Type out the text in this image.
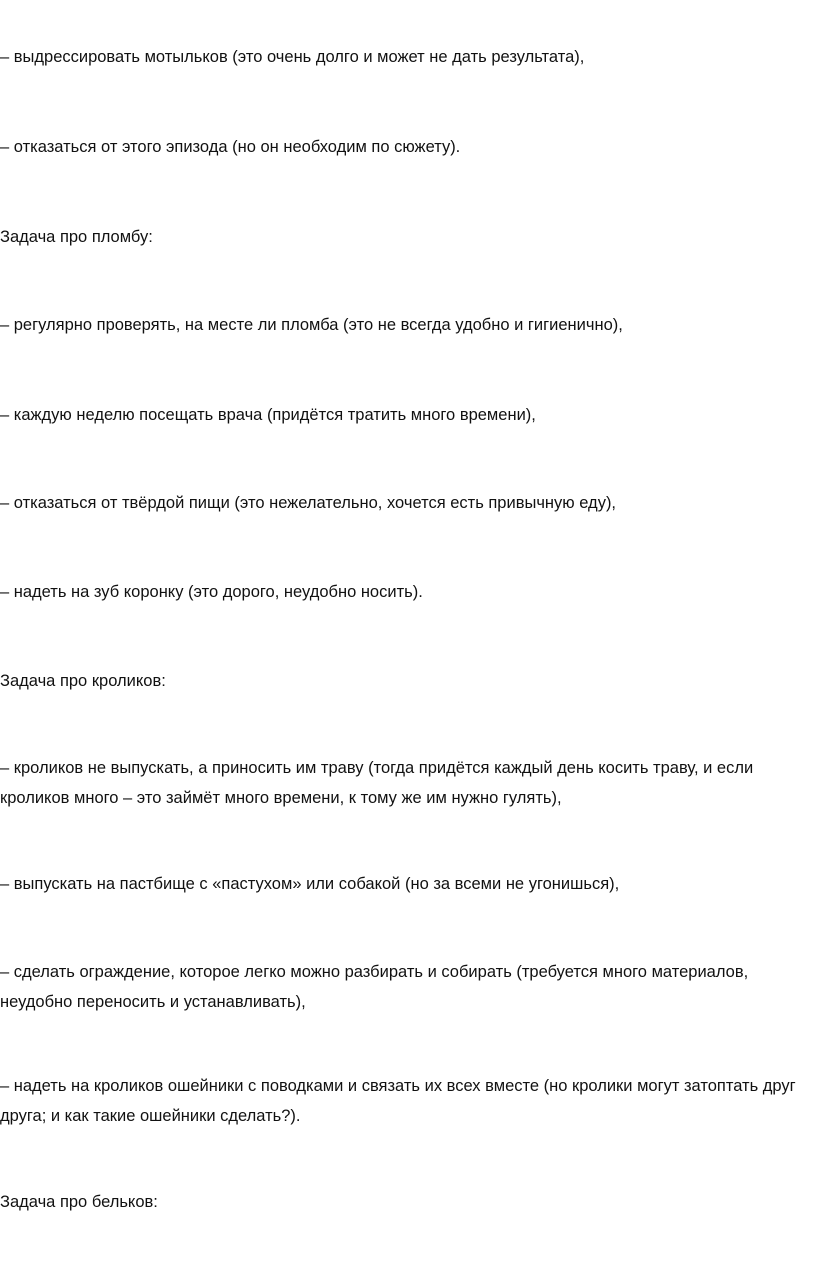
– выдрессировать мотыльков (это очень долго и может не дать результата),

– отказаться от этого эпизода (но он необходим по сюжету).

Задача про пломбу:

– регулярно проверять, на месте ли пломба (это не всегда удобно и гигиенично),

– каждую неделю посещать врача (придётся тратить много времени),

– отказаться от твёрдой пищи (это нежелательно, хочется есть привычную еду),

– надеть на зуб коронку (это дорого, неудобно носить).

Задача про кроликов:

– кроликов не выпускать, а приносить им траву (тогда придётся каждый день косить траву, и если кроликов много – это займёт много времени, к тому же им нужно гулять),

– выпускать на пастбище с «пастухом» или собакой (но за всеми не угонишься),

– сделать ограждение, которое легко можно разбирать и собирать (требуется много материалов, неудобно переносить и устанавливать),

– надеть на кроликов ошейники с поводками и связать их всех вместе (но кролики могут затоптать друг друга; и как такие ошейники сделать?).

Задача про бельков:
